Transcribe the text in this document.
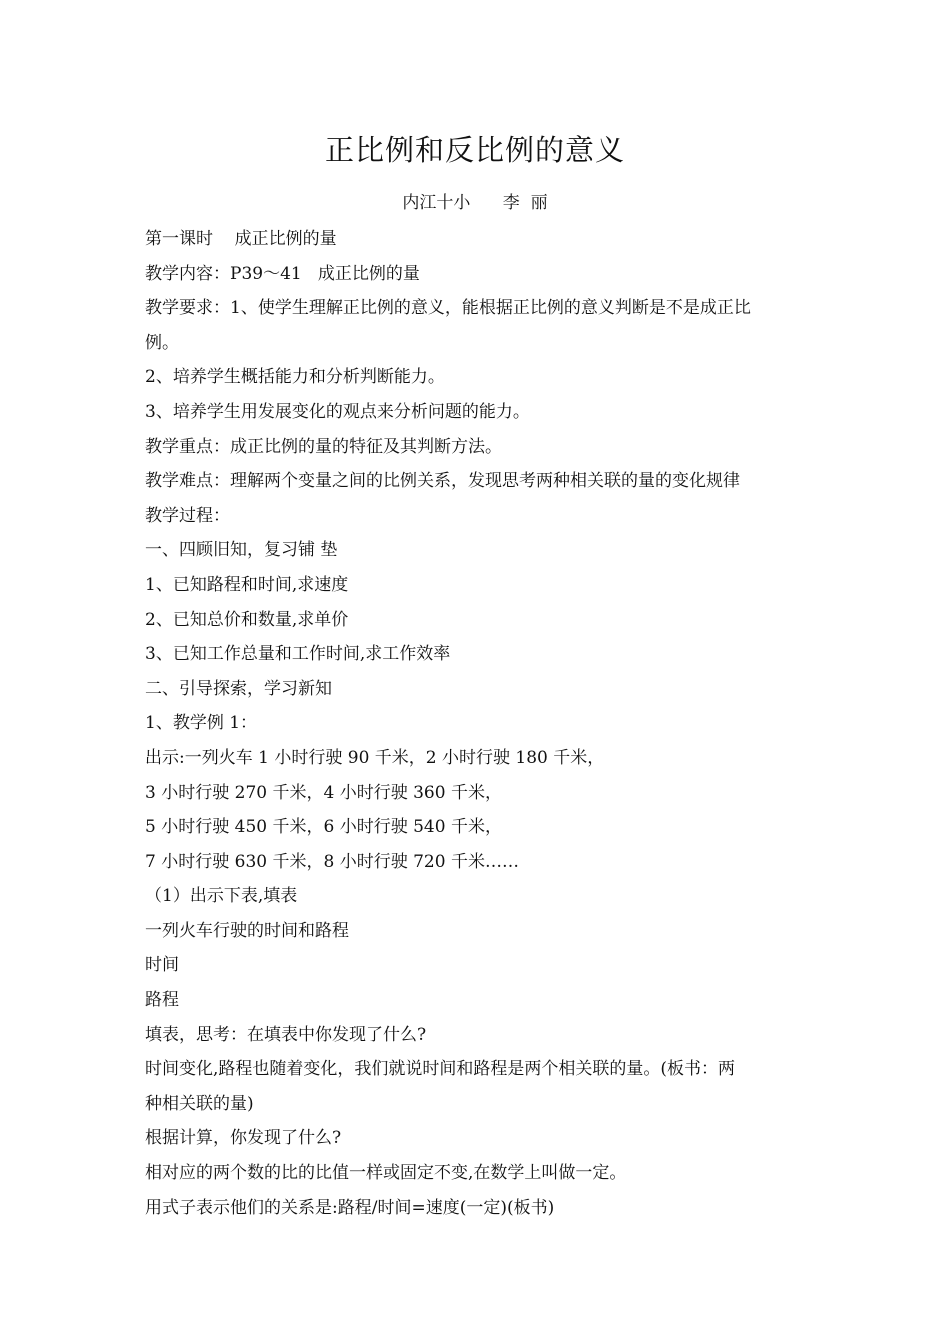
正比例和反比例的意义
内江十小      李  丽
第一课时    成正比例的量
教学内容：P39～41   成正比例的量
教学要求：1、使学生理解正比例的意义，能根据正比例的意义判断是不是成正比
例。
2、培养学生概括能力和分析判断能力。
3、培养学生用发展变化的观点来分析问题的能力。
教学重点：成正比例的量的特征及其判断方法。
教学难点：理解两个变量之间的比例关系，发现思考两种相关联的量的变化规律
教学过程：
一、四顾旧知，复习铺 垫
1、已知路程和时间,求速度
2、已知总价和数量,求单价
3、已知工作总量和工作时间,求工作效率
二、引导探索，学习新知
1、教学例 1：
出示:一列火车 1 小时行驶 90 千米，2 小时行驶 180 千米，
3 小时行驶 270 千米，4 小时行驶 360 千米，
5 小时行驶 450 千米，6 小时行驶 540 千米，
7 小时行驶 630 千米，8 小时行驶 720 千米……
（1）出示下表,填表
一列火车行驶的时间和路程
时间
路程
填表，思考：在填表中你发现了什么?
时间变化,路程也随着变化，我们就说时间和路程是两个相关联的量。(板书：两
种相关联的量)
根据计算，你发现了什么?
相对应的两个数的比的比值一样或固定不变,在数学上叫做一定。
用式子表示他们的关系是:路程/时间=速度(一定)(板书)
